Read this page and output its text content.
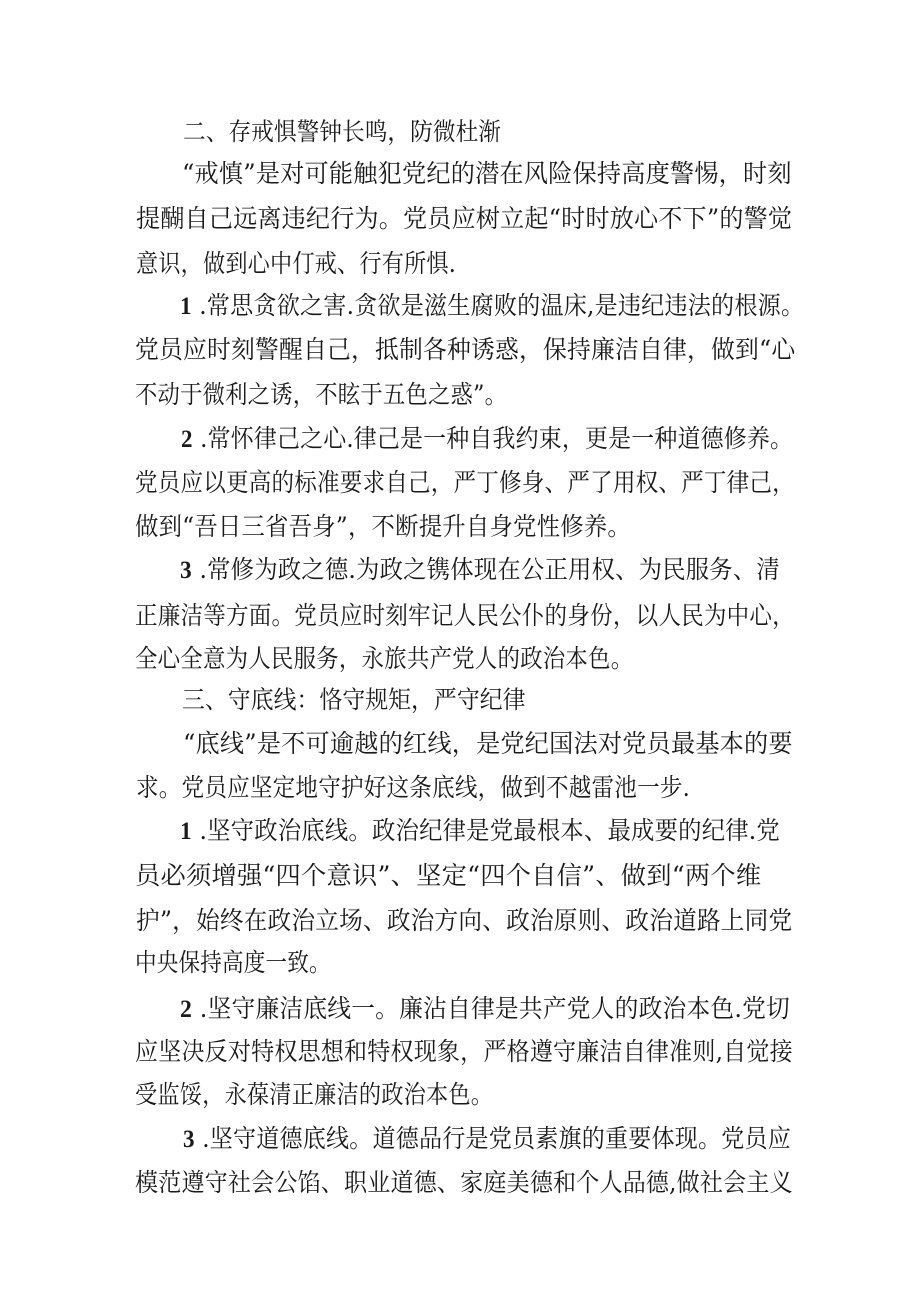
二、存戒惧警钟长鸣，防微杜渐
“戒慎”是对可能触犯党纪的潜在风险保持高度警惕，时刻
提醐自己远离违纪行为。党员应树立起“时时放心不下”的警觉
意识，做到心中仃戒、行有所惧.
1 .常思贪欲之害.贪欲是滋生腐败的温床,是违纪违法的根源。
党员应时刻警醒自己，抵制各种诱惑，保持廉洁自律，做到“心
不动于微利之诱，不眩于五色之惑”。
2 .常怀律己之心.律己是一种自我约束，更是一种道德修养。
党员应以更高的标准要求自己，严丁修身、严了用权、严丁律己，
做到“吾日三省吾身”，不断提升自身党性修养。
3 .常修为政之德.为政之镌体现在公正用权、为民服务、清
正廉洁等方面。党员应时刻牢记人民公仆的身份，以人民为中心，
全心全意为人民服务，永旅共产党人的政治本色。
三、守底线：恪守规矩，严守纪律
“底线”是不可逾越的红线，是党纪国法对党员最基本的要
求。党员应坚定地守护好这条底线，做到不越雷池一步.
1 .坚守政治底线。政治纪律是党最根本、最成要的纪律.党
员必须增强“四个意识”、坚定“四个自信”、做到“两个维
护”，始终在政治立场、政治方向、政治原则、政治道路上同党
中央保持高度一致。
2 .坚守廉洁底线一。廉沾自律是共产党人的政治本色.党切
应坚决反对特权思想和特权现象，严格遵守廉洁自律准则,自觉接
受监馁，永葆清正廉洁的政治本色。
3 .坚守道德底线。道德品行是党员素旗的重要体现。党员应
模范遵守社会公馅、职业道德、家庭美德和个人品德,做社会主义
